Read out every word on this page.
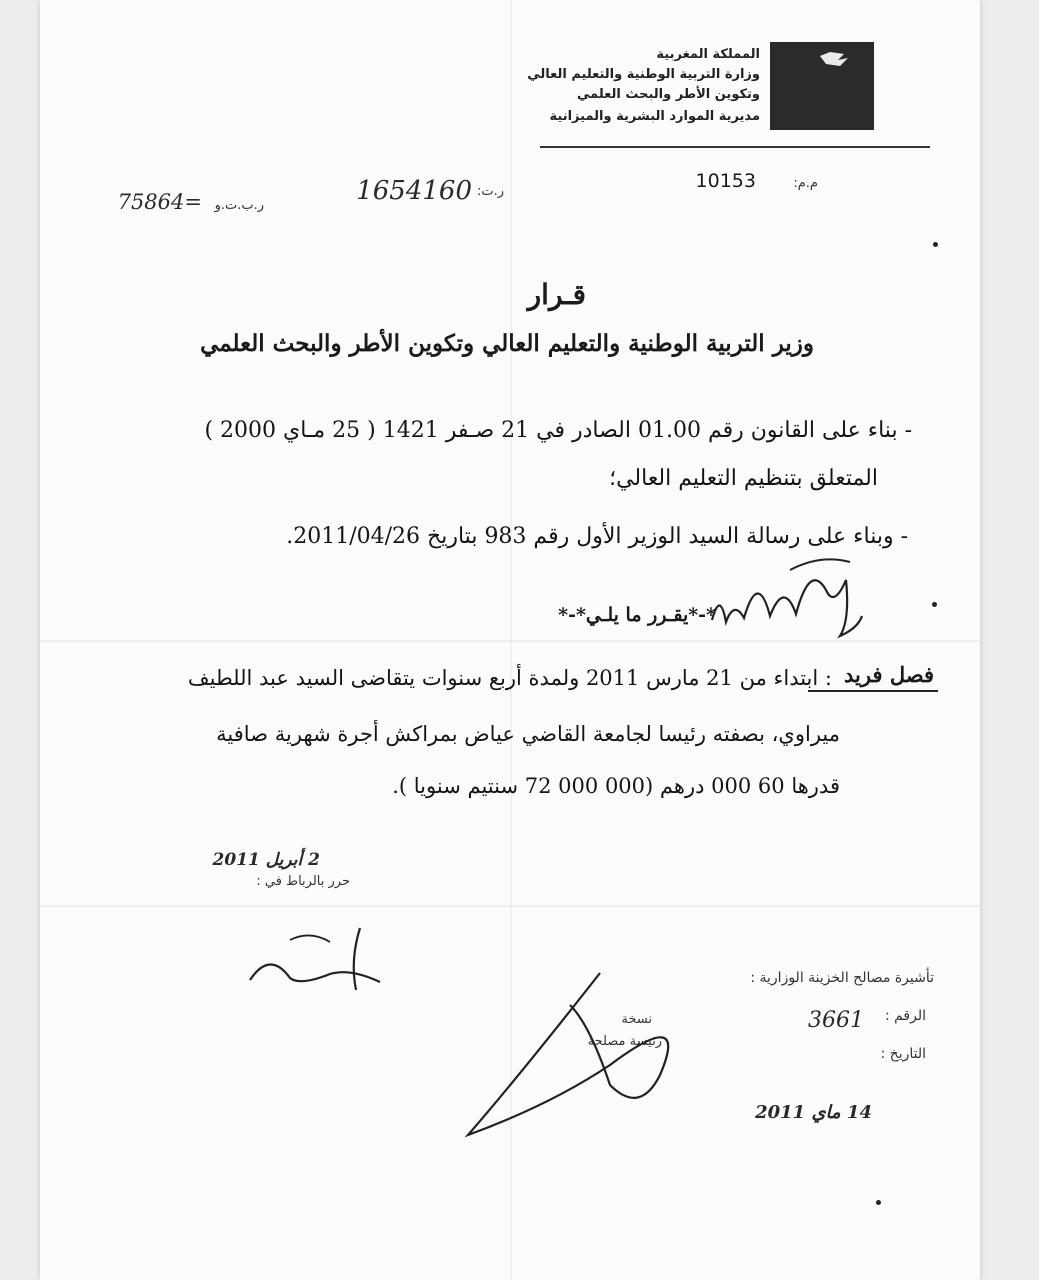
المملكة المغربية
وزارة التربية الوطنية والتعليم العالي
وتكوين الأطر والبحث العلمي
مديرية الموارد البشرية والميزانية
م.م:
10153
ر.ت:
1654160
ر.ب.ت.و
=75864
قـرار
وزير التربية الوطنية والتعليم العالي وتكوين الأطر والبحث العلمي
- بناء على القانون رقم 01.00 الصادر في 21 صـفر 1421 ( 25 مـاي 2000 )
المتعلق بتنظيم التعليم العالي؛
- وبناء على رسالة السيد الوزير الأول رقم 983 بتاريخ 2011/04/26.
*-*يقـرر ما يلـي*-*
فصل فريد
: ابتداء من 21 مارس 2011 ولمدة أربع سنوات يتقاضى السيد عبد اللطيف
ميراوي، بصفته رئيسا لجامعة القاضي عياض بمراكش أجرة شهرية صافية
قدرها 60 000 درهم (000 000 72 سنتيم سنويا ).
2 أبريل 2011
حرر بالرباط في :
تأشيرة مصالح الخزينة الوزارية :
الرقم :
3661
التاريخ :
14 ماي 2011
نسخة
رئيسة مصلحة
